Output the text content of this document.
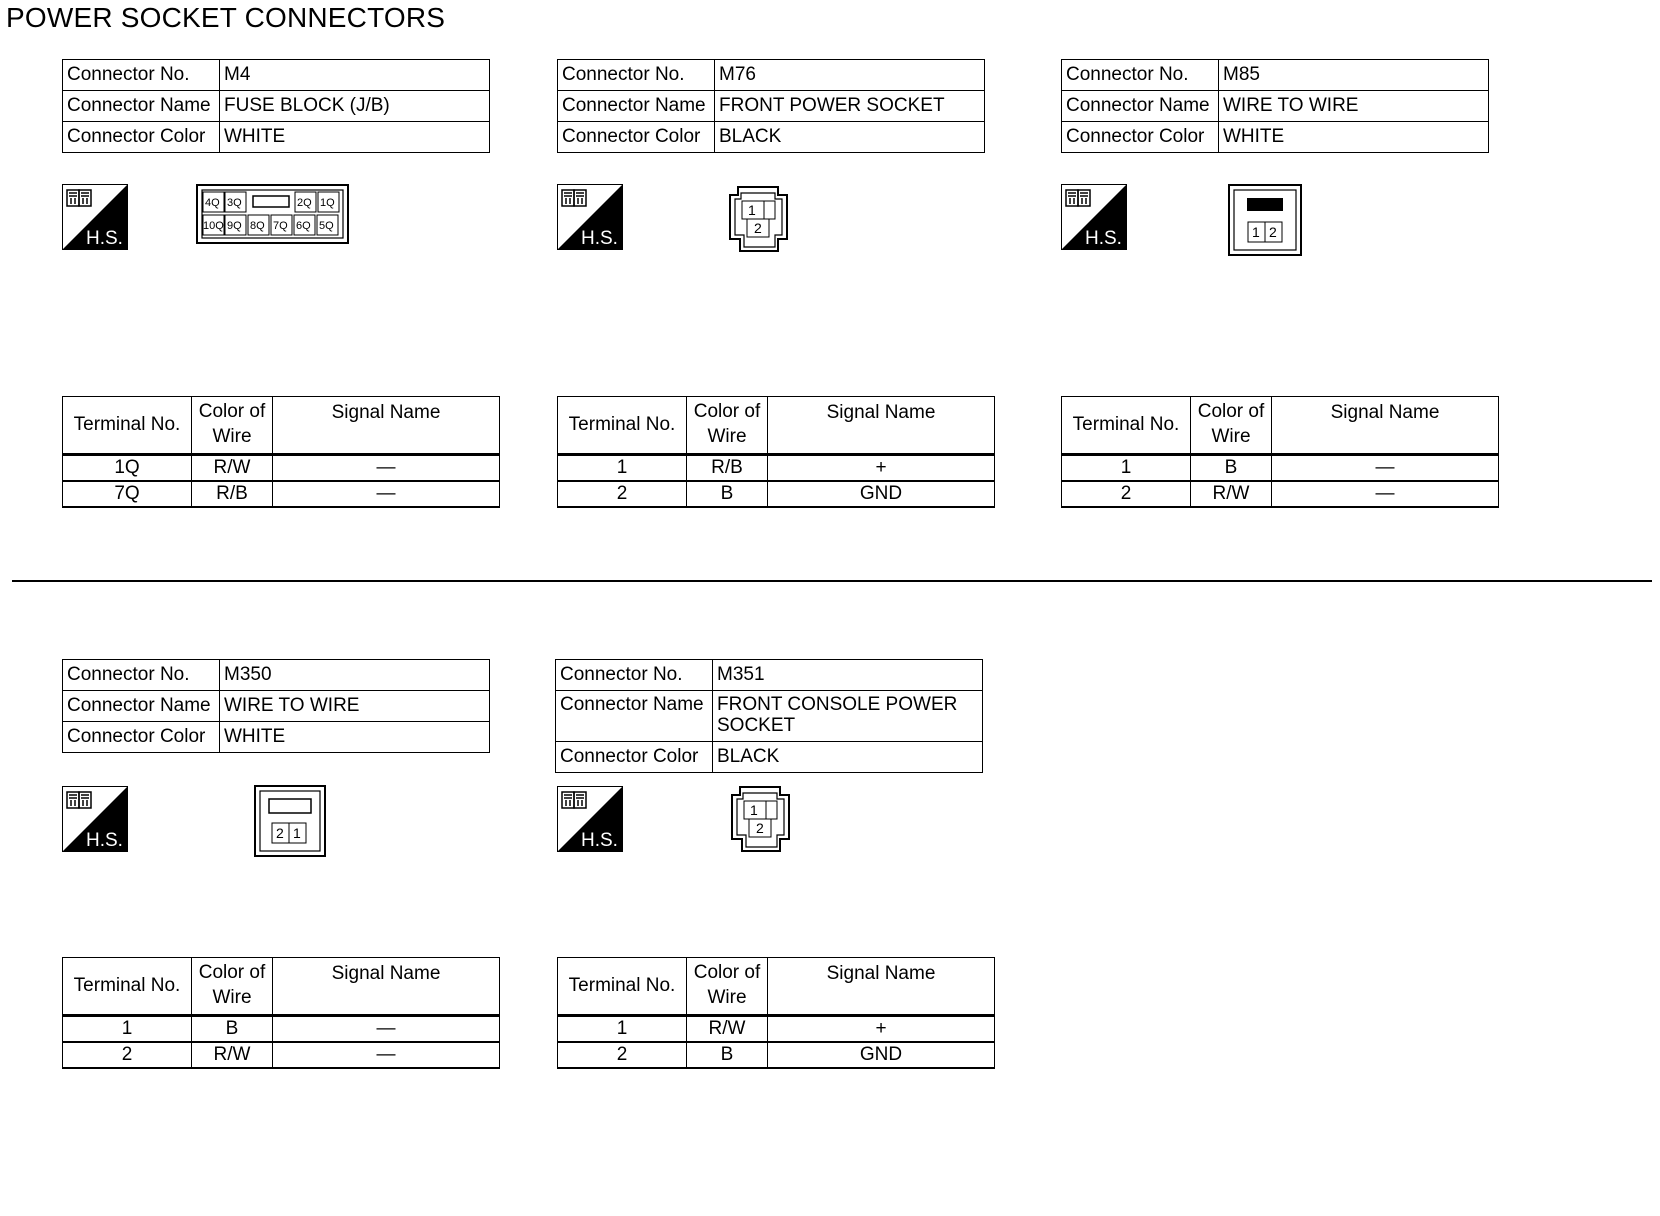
POWER SOCKET CONNECTORS
Connector No.	M4
Connector Name	FUSE BLOCK (J/B)
Connector Color	WHITE
H.S.
4Q 3Q	2Q 1Q
10Q 9Q 8Q 7Q 6Q 5Q
Terminal No.	Color of Wire	Signal Name
1Q	R/W	—
7Q	R/B	—
Connector No.	M76
Connector Name	FRONT POWER SOCKET
Connector Color	BLACK
H.S.
1
2
Terminal No.	Color of Wire	Signal Name
1	R/B	+
2	B	GND
Connector No.	M85
Connector Name	WIRE TO WIRE
Connector Color	WHITE
H.S.	1 2
Terminal No.	Color of Wire	Signal Name
1	B	—
2	R/W	—
Connector No.	M350
Connector Name	WIRE TO WIRE
Connector Color	WHITE
H.S.	2 1
Terminal No.	Color of Wire	Signal Name
1	B	—
2	R/W	—
Connector No.	M351
Connector Name	FRONT CONSOLE POWER SOCKET
Connector Color	BLACK
H.S.
1
2
Terminal No.	Color of Wire	Signal Name
1	R/W	+
2	B	GND
